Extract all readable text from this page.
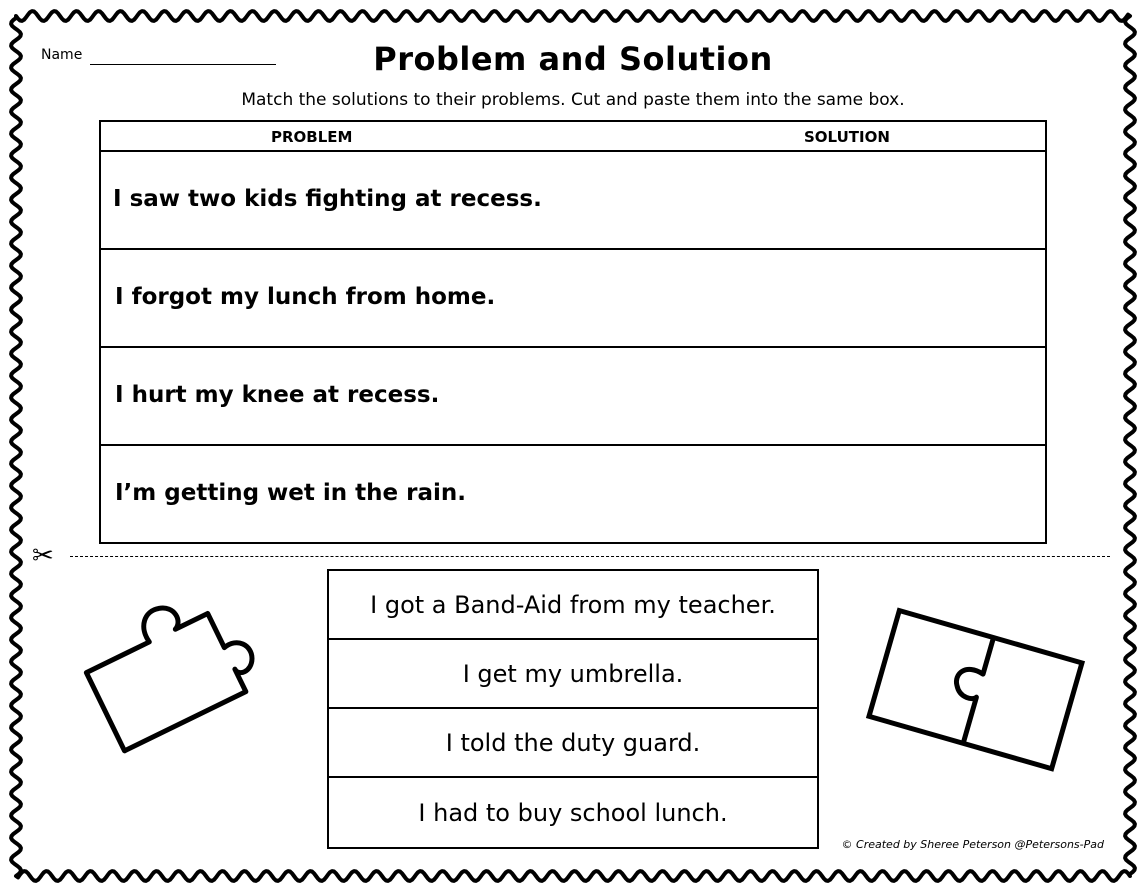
Name	Problem and Solution
Match the solutions to their problems. Cut and paste them into the same box.
PROBLEM	SOLUTION
I saw two kids fighting at recess.
I forgot my lunch from home.
I hurt my knee at recess.
I’m getting wet in the rain.
✂
I got a Band-Aid from my teacher.
I get my umbrella.
I told the duty guard.
I had to buy school lunch.
© Created by Sheree Peterson @Petersons-Pad
